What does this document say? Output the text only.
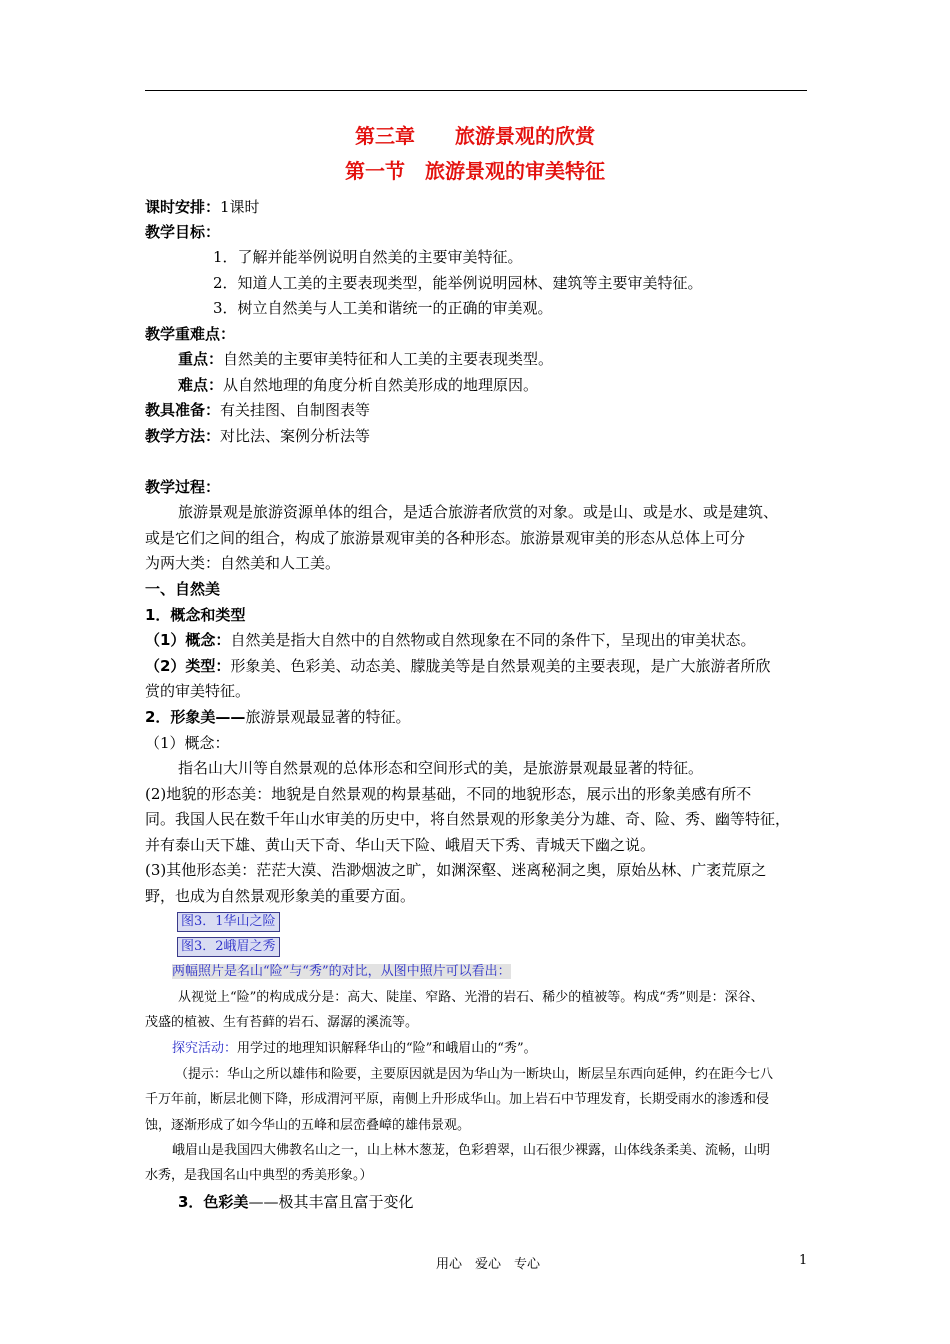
第三章　　旅游景观的欣赏
第一节　旅游景观的审美特征
课时安排：1课时
教学目标：
1．了解并能举例说明自然美的主要审美特征。
2．知道人工美的主要表现类型，能举例说明园林、建筑等主要审美特征。
3．树立自然美与人工美和谐统一的正确的审美观。
教学重难点：
重点：自然美的主要审美特征和人工美的主要表现类型。
难点：从自然地理的角度分析自然美形成的地理原因。
教具准备：有关挂图、自制图表等
教学方法：对比法、案例分析法等
教学过程：
旅游景观是旅游资源单体的组合，是适合旅游者欣赏的对象。或是山、或是水、或是建筑、
或是它们之间的组合，构成了旅游景观审美的各种形态。旅游景观审美的形态从总体上可分
为两大类：自然美和人工美。
一、自然美
1．概念和类型
（1）概念：自然美是指大自然中的自然物或自然现象在不同的条件下，呈现出的审美状态。
（2）类型：形象美、色彩美、动态美、朦胧美等是自然景观美的主要表现，是广大旅游者所欣
赏的审美特征。
2．形象美——旅游景观最显著的特征。
（1）概念：
指名山大川等自然景观的总体形态和空间形式的美，是旅游景观最显著的特征。
(2)地貌的形态美：地貌是自然景观的构景基础，不同的地貌形态，展示出的形象美感有所不
同。我国人民在数千年山水审美的历史中，将自然景观的形象美分为雄、奇、险、秀、幽等特征，
并有泰山天下雄、黄山天下奇、华山天下险、峨眉天下秀、青城天下幽之说。
(3)其他形态美：茫茫大漠、浩渺烟波之旷，如渊深壑、迷离秘洞之奥，原始丛林、广袤荒原之
野，也成为自然景观形象美的重要方面。
图3．1华山之险
图3．2峨眉之秀
两幅照片是名山“险”与“秀”的对比，从图中照片可以看出：
从视觉上“险”的构成成分是：高大、陡崖、窄路、光滑的岩石、稀少的植被等。构成“秀”则是：深谷、
茂盛的植被、生有苔藓的岩石、潺潺的溪流等。
探究活动：用学过的地理知识解释华山的“险”和峨眉山的“秀”。
（提示：华山之所以雄伟和险要，主要原因就是因为华山为一断块山，断层呈东西向延伸，约在距今七八
千万年前，断层北侧下降，形成渭河平原，南侧上升形成华山。加上岩石中节理发育，长期受雨水的渗透和侵
蚀，逐渐形成了如今华山的五峰和层峦叠嶂的雄伟景观。
峨眉山是我国四大佛教名山之一，山上林木葱茏，色彩碧翠，山石很少裸露，山体线条柔美、流畅，山明
水秀，是我国名山中典型的秀美形象。）
3．色彩美——极其丰富且富于变化
用心　爱心　专心	1
